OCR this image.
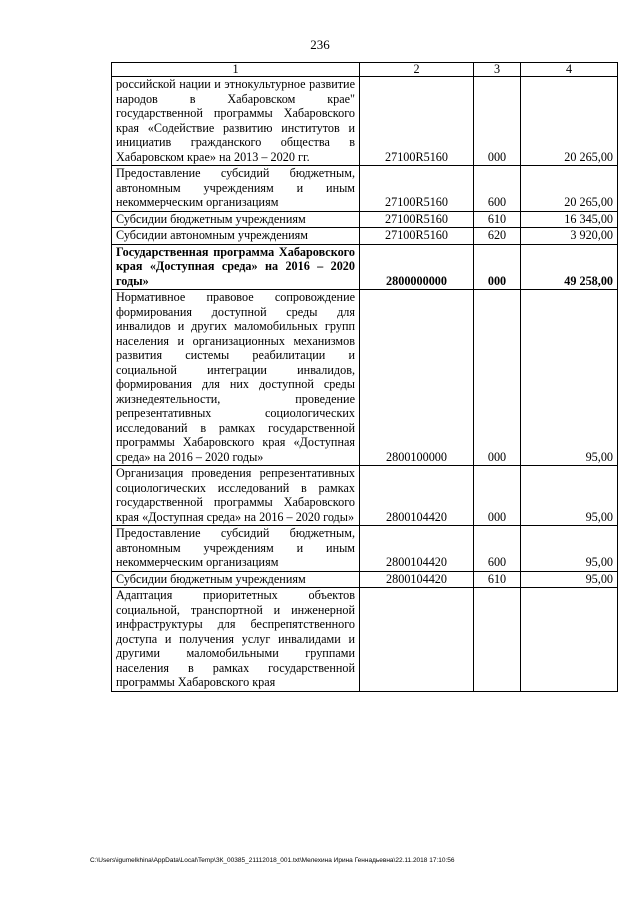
236
1	2	3	4
российской нации и этнокультурное развитие народов в Хабаровском крае" государственной программы Хабаровского края «Содействие развитию институтов и инициатив гражданского общества в Хабаровском крае» на 2013 – 2020 гг.	27100R5160	000	20 265,00
Предоставление субсидий бюджетным, автономным учреждениям и иным некоммерческим организациям	27100R5160	600	20 265,00
Субсидии бюджетным учреждениям	27100R5160	610	16 345,00
Субсидии автономным учреждениям	27100R5160	620	3 920,00
Государственная программа Хабаровского края «Доступная среда» на 2016 – 2020 годы»	2800000000	000	49 258,00
Нормативное правовое сопровождение формирования доступной среды для инвалидов и других маломобильных групп населения и организационных механизмов развития системы реабилитации и социальной интеграции инвалидов, формирования для них доступной среды жизнедеятельности, проведение репрезентативных социологических исследований в рамках государственной программы Хабаровского края «Доступная среда» на 2016 – 2020 годы»	2800100000	000	95,00
Организация проведения репрезентативных социологических исследований в рамках государственной программы Хабаровского края «Доступная среда» на 2016 – 2020 годы»	2800104420	000	95,00
Предоставление субсидий бюджетным, автономным учреждениям и иным некоммерческим организациям	2800104420	600	95,00
Субсидии бюджетным учреждениям	2800104420	610	95,00
Адаптация приоритетных объектов социальной, транспортной и инженерной инфраструктуры для беспрепятственного доступа и получения услуг инвалидами и другими маломобильными группами населения в рамках государственной программы Хабаровского края			
C:\Users\igumelkhina\AppData\Local\Temp\ЗК_00385_21112018_001.txt\Мелехина Ирина Геннадьевна\22.11.2018 17:10:56
